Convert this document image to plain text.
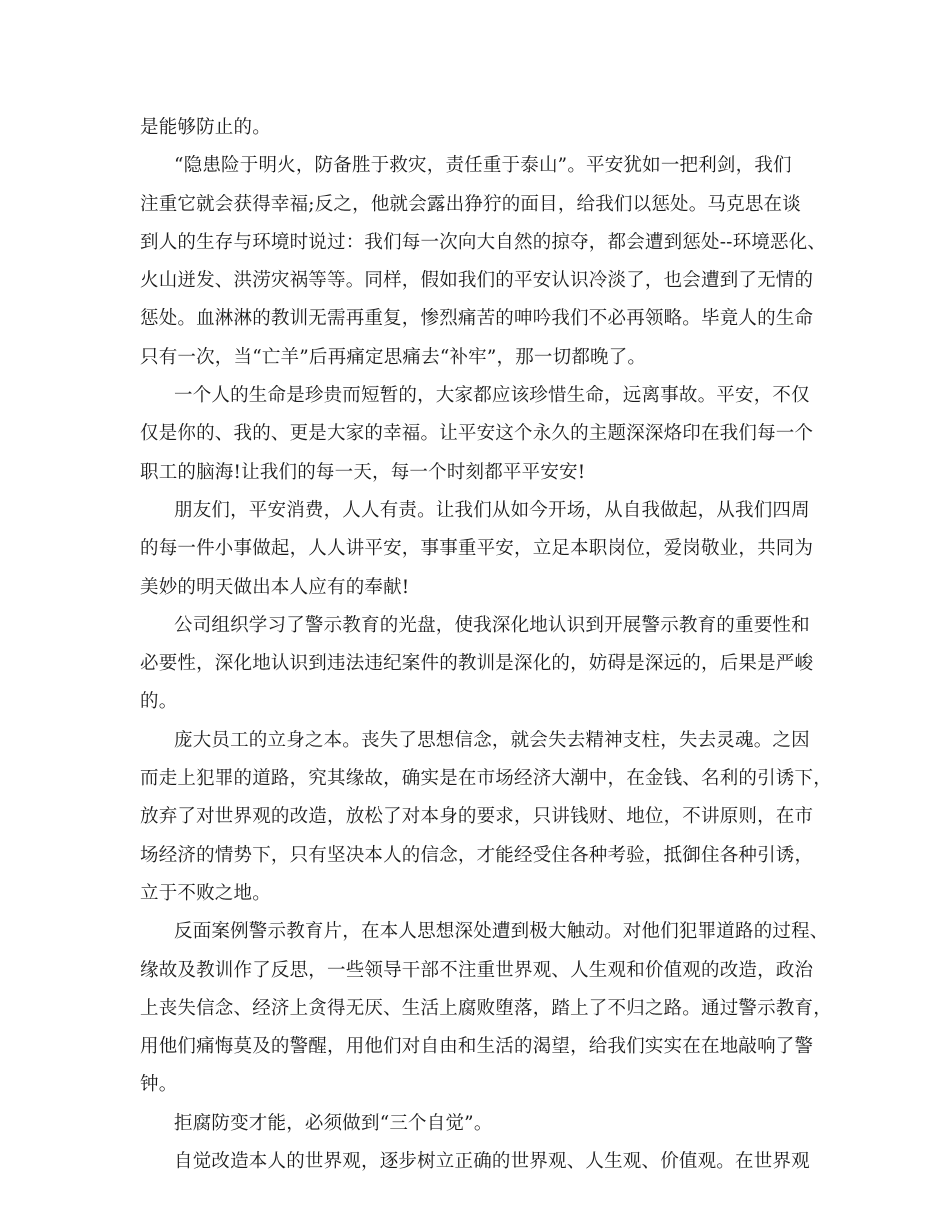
是能够防止的。
“隐患险于明火，防备胜于救灾，责任重于泰山”。平安犹如一把利剑，我们
注重它就会获得幸福;反之，他就会露出狰狞的面目，给我们以惩处。马克思在谈
到人的生存与环境时说过：我们每一次向大自然的掠夺，都会遭到惩处--环境恶化、
火山迸发、洪涝灾祸等等。同样，假如我们的平安认识冷淡了，也会遭到了无情的
惩处。血淋淋的教训无需再重复，惨烈痛苦的呻吟我们不必再领略。毕竟人的生命
只有一次，当“亡羊”后再痛定思痛去“补牢”，那一切都晚了。
一个人的生命是珍贵而短暂的，大家都应该珍惜生命，远离事故。平安，不仅
仅是你的、我的、更是大家的幸福。让平安这个永久的主题深深烙印在我们每一个
职工的脑海!让我们的每一天，每一个时刻都平平安安!
朋友们，平安消费，人人有责。让我们从如今开场，从自我做起，从我们四周
的每一件小事做起，人人讲平安，事事重平安，立足本职岗位，爱岗敬业，共同为
美妙的明天做出本人应有的奉献!
公司组织学习了警示教育的光盘，使我深化地认识到开展警示教育的重要性和
必要性，深化地认识到违法违纪案件的教训是深化的，妨碍是深远的，后果是严峻
的。
庞大员工的立身之本。丧失了思想信念，就会失去精神支柱，失去灵魂。之因
而走上犯罪的道路，究其缘故，确实是在市场经济大潮中，在金钱、名利的引诱下，
放弃了对世界观的改造，放松了对本身的要求，只讲钱财、地位，不讲原则，在市
场经济的情势下，只有坚决本人的信念，才能经受住各种考验，抵御住各种引诱，
立于不败之地。
反面案例警示教育片，在本人思想深处遭到极大触动。对他们犯罪道路的过程、
缘故及教训作了反思，一些领导干部不注重世界观、人生观和价值观的改造，政治
上丧失信念、经济上贪得无厌、生活上腐败堕落，踏上了不归之路。通过警示教育，
用他们痛悔莫及的警醒，用他们对自由和生活的渴望，给我们实实在在地敲响了警
钟。
拒腐防变才能，必须做到“三个自觉”。
自觉改造本人的世界观，逐步树立正确的世界观、人生观、价值观。在世界观
